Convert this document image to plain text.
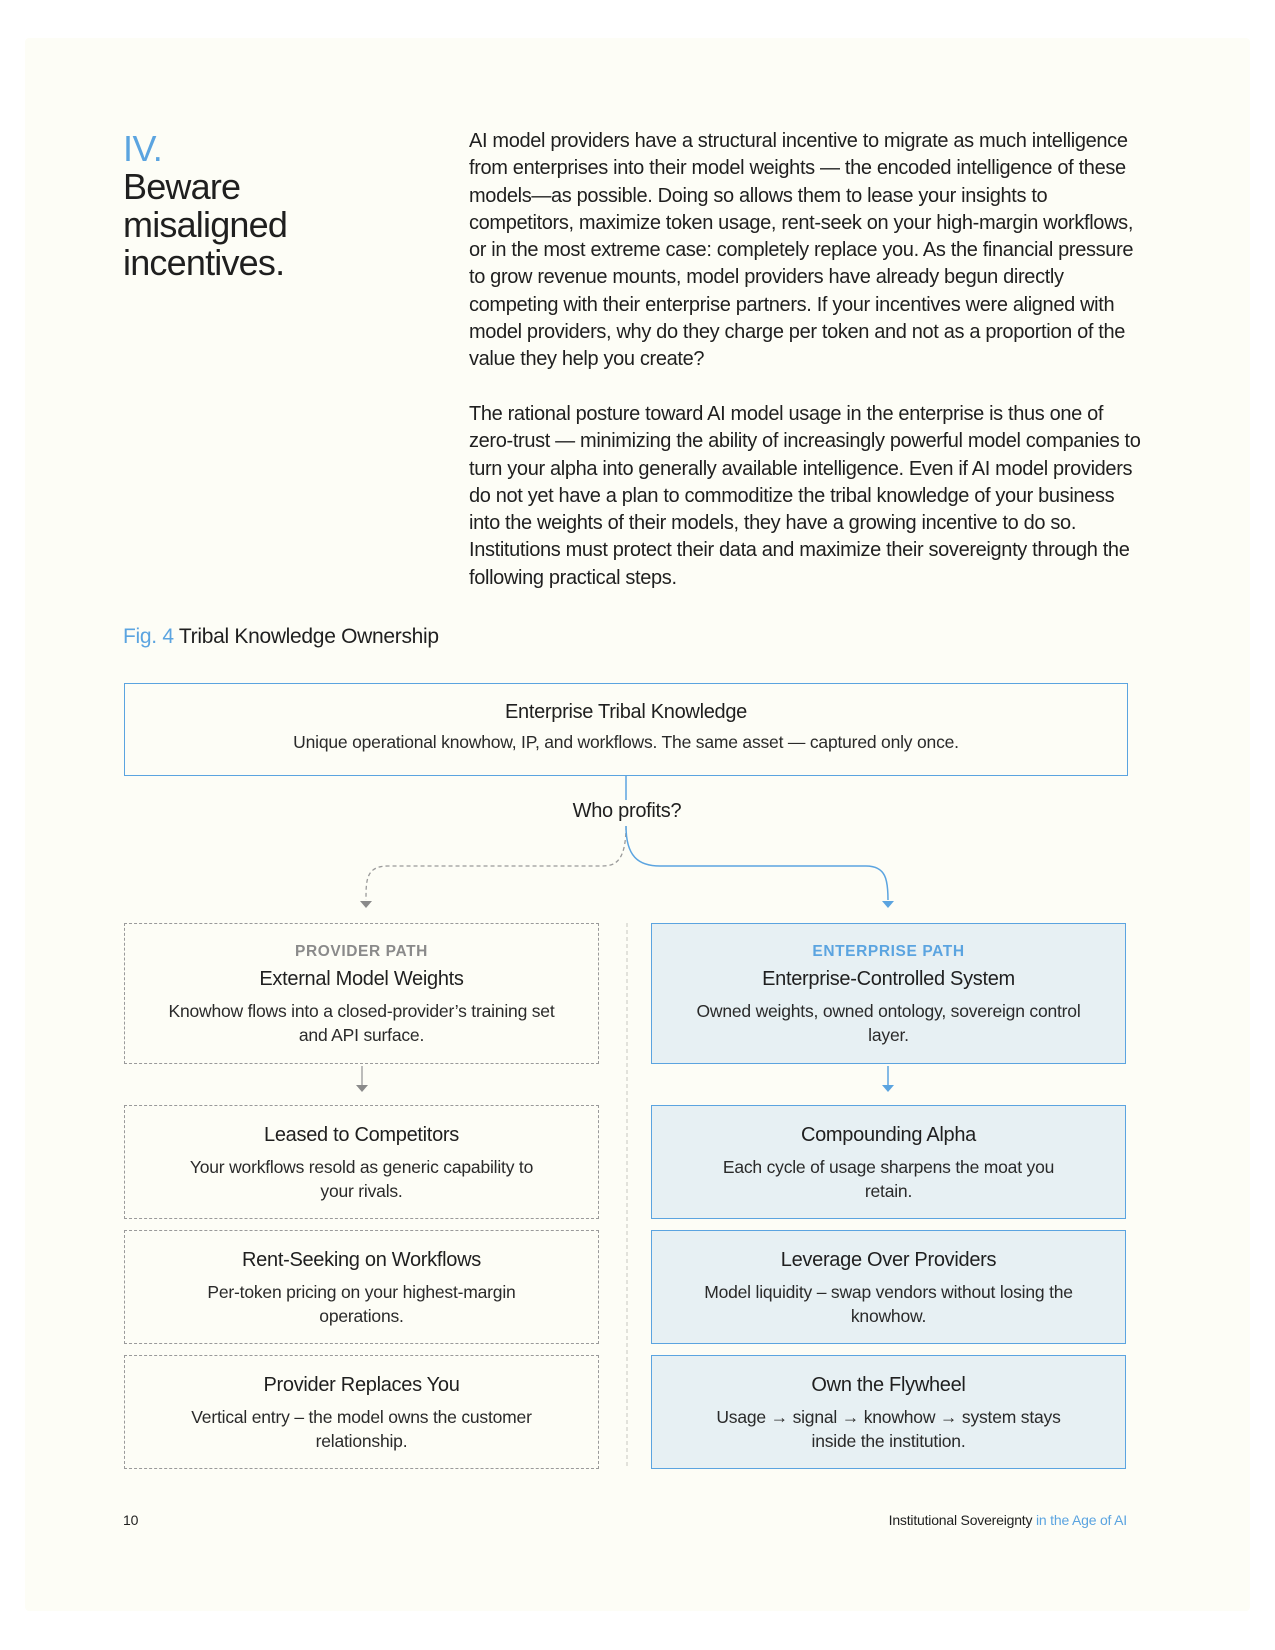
IV.
Beware misaligned incentives.
AI model providers have a structural incentive to migrate as much intelligence from enterprises into their model weights — the encoded intelligence of these models—as possible. Doing so allows them to lease your insights to competitors, maximize token usage, rent-seek on your high-margin workflows, or in the most extreme case: completely replace you. As the financial pressure to grow revenue mounts, model providers have already begun directly competing with their enterprise partners. If your incentives were aligned with model providers, why do they charge per token and not as a proportion of the value they help you create?
The rational posture toward AI model usage in the enterprise is thus one of zero-trust — minimizing the ability of increasingly powerful model companies to turn your alpha into generally available intelligence. Even if AI model providers do not yet have a plan to commoditize the tribal knowledge of your business into the weights of their models, they have a growing incentive to do so. Institutions must protect their data and maximize their sovereignty through the following practical steps.
Fig. 4 Tribal Knowledge Ownership
Enterprise Tribal Knowledge
Unique operational knowhow, IP, and workflows. The same asset — captured only once.
Who profits?
PROVIDER PATH
External Model Weights
Knowhow flows into a closed-provider’s training set and API surface.
ENTERPRISE PATH
Enterprise-Controlled System
Owned weights, owned ontology, sovereign control layer.
Leased to Competitors
Your workflows resold as generic capability to your rivals.
Rent-Seeking on Workflows
Per-token pricing on your highest-margin operations.
Provider Replaces You
Vertical entry – the model owns the customer relationship.
Compounding Alpha
Each cycle of usage sharpens the moat you retain.
Leverage Over Providers
Model liquidity – swap vendors without losing the knowhow.
Own the Flywheel
Usage → signal → knowhow → system stays inside the institution.
10	Institutional Sovereignty in the Age of AI
